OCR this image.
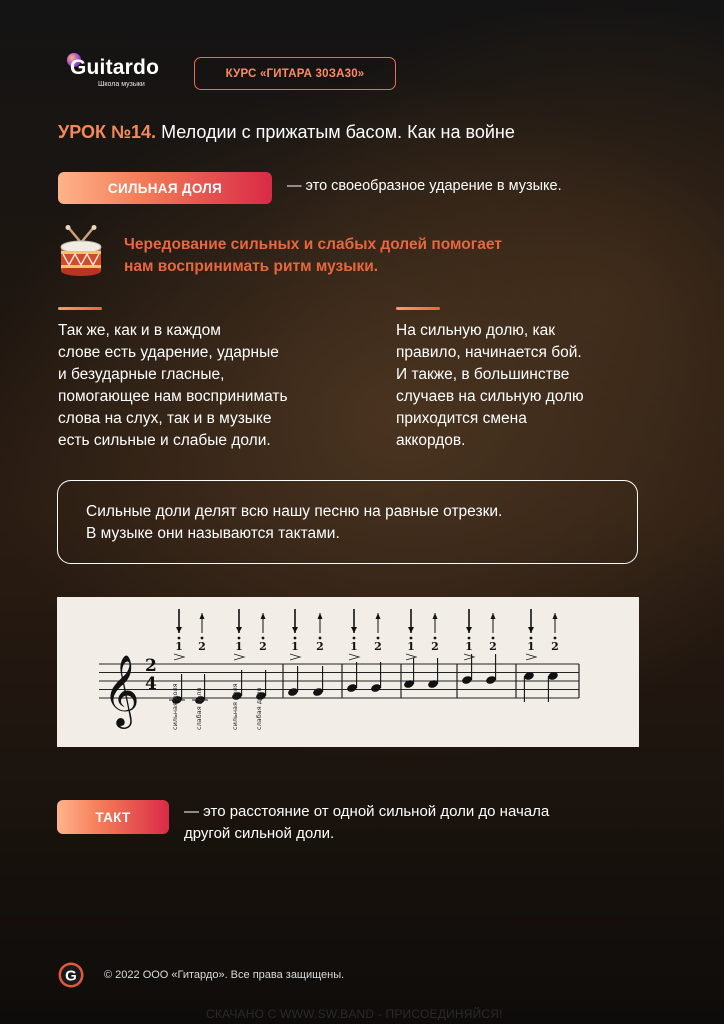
Guitardo
Школа музыки
КУРС «ГИТАРА 30ЗА30»
УРОК №14. Мелодии с прижатым басом. Как на войне
СИЛЬНАЯ ДОЛЯ	— это своеобразное ударение в музыке.
Чередование сильных и слабых долей помогает
нам воспринимать ритм музыки.
Так же, как и в каждом
слове есть ударение, ударные
и безударные гласные,
помогающее нам воспринимать
слова на слух, так и в музыке
есть сильные и слабые доли.
На сильную долю, как
правило, начинается бой.
И также, в большинстве
случаев на сильную долю
приходится смена
аккордов.
Сильные доли делят всю нашу песню на равные отрезки.
В музыке они называются тактами.
𝄞 2
4
1 2	1 2 1 2 1 2 1 2 1 2	1 2
сильная доля слабая доля	сильная доля слабая доля
ТАКТ	— это расстояние от одной сильной доли до начала
другой сильной доли.
G © 2022 ООО «Гитардо». Все права защищены.
СКАЧАНО С WWW.SW.BAND - ПРИСОЕДИНЯЙСЯ!
